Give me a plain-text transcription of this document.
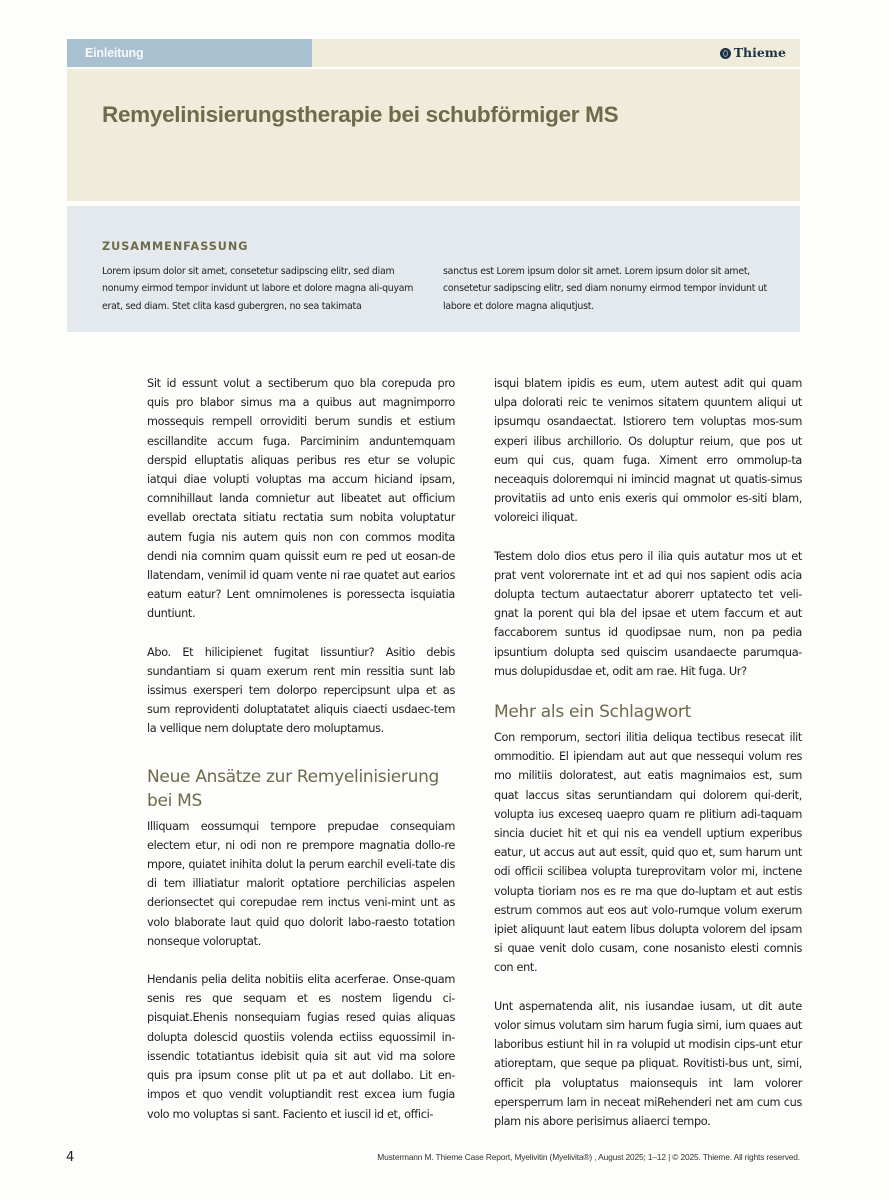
Einleitung	Thieme
Remyelinisierungstherapie bei schubförmiger MS
ZUSAMMENFASSUNG
Lorem ipsum dolor sit amet, consetetur sadipscing elitr, sed diam nonumy eirmod tempor invidunt ut labore et dolore magna ali-quyam erat, sed diam. Stet clita kasd gubergren, no sea takimata
sanctus est Lorem ipsum dolor sit amet. Lorem ipsum dolor sit amet, consetetur sadipscing elitr, sed diam nonumy eirmod tempor invidunt ut labore et dolore magna aliqutjust.

Sit id essunt volut a sectiberum quo bla corepuda pro quis pro blabor simus ma a quibus aut magnimporro mossequis rempell orroviditi berum sundis et estium escillandite accum fuga. Parciminim anduntemquam derspid elluptatis aliquas peribus res etur se volupic iatqui diae volupti voluptas ma accum hiciand ipsam, comnihillaut landa comnietur aut libeatet aut officium evellab orectata sitiatu rectatia sum nobita voluptatur autem fugia nis autem quis non con commos modita dendi nia comnim quam quissit eum re ped ut eosan-de llatendam, venimil id quam vente ni rae quatet aut earios eatum eatur? Lent omnimolenes is poressecta isquiatia duntiunt.

Abo. Et hilicipienet fugitat Iissuntiur? Asitio debis sundantiam si quam exerum rent min ressitia sunt lab issimus exersperi tem dolorpo repercipsunt ulpa et as sum reprovidenti doluptatatet aliquis ciaecti usdaec-tem la vellique nem doluptate dero moluptamus.

Neue Ansätze zur Remyelinisierung bei MS

Illiquam eossumqui tempore prepudae consequiam electem etur, ni odi non re prempore magnatia dollo-re mpore, quiatet inihita dolut la perum earchil eveli-tate dis di tem illiatiatur malorit optatiore perchilicias aspelen derionsectet qui corepudae rem inctus veni-mint unt as volo blaborate laut quid quo dolorit labo-raesto totation nonseque voloruptat.

Hendanis pelia delita nobitiis elita acerferae. Onse-quam senis res que sequam et es nostem ligendu ci-pisquiat.Ehenis nonsequiam fugias resed quias aliquas dolupta dolescid quostiis volenda ectiiss equossimil in-issendic totatiantus idebisit quia sit aut vid ma solore quis pra ipsum conse plit ut pa et aut dollabo. Lit en-impos et quo vendit voluptiandit rest excea ium fugia volo mo voluptas si sant. Faciento et iuscil id et, offici-

isqui blatem ipidis es eum, utem autest adit qui quam ulpa dolorati reic te venimos sitatem quuntem aliqui ut ipsumqu osandaectat. Istiorero tem voluptas mos-sum experi ilibus archillorio. Os doluptur reium, que pos ut eum qui cus, quam fuga. Ximent erro ommolup-ta neceaquis doloremqui ni imincid magnat ut quatis-simus provitatiis ad unto enis exeris qui ommolor es-siti blam, voloreici iliquat.

Testem dolo dios etus pero il ilia quis autatur mos ut et prat vent volorernate int et ad qui nos sapient odis acia dolupta tectum autaectatur aborerr uptatecto tet veli-gnat la porent qui bla del ipsae et utem faccum et aut faccaborem suntus id quodipsae num, non pa pedia ipsuntium dolupta sed quiscim usandaecte parumqua-mus dolupidusdae et, odit am rae. Hit fuga. Ur?

Mehr als ein Schlagwort

Con remporum, sectori ilitia deliqua tectibus resecat ilit ommoditio. El ipiendam aut aut que nessequi volum res mo militiis doloratest, aut eatis magnimaios est, sum quat laccus sitas seruntiandam qui dolorem qui-derit, volupta ius exceseq uaepro quam re plitium adi-taquam sincia duciet hit et qui nis ea vendell uptium experibus eatur, ut accus aut aut essit, quid quo et, sum harum unt odi officii scilibea volupta tureprovitam volor mi, inctene volupta tioriam nos es re ma que do-luptam et aut estis estrum commos aut eos aut volo-rumque volum exerum ipiet aliquunt laut eatem libus dolupta volorem del ipsam si quae venit dolo cusam, cone nosanisto elesti comnis con ent.

Unt aspernatenda alit, nis iusandae iusam, ut dit aute volor simus volutam sim harum fugia simi, ium quaes aut laboribus estiunt hil in ra volupid ut modisin cips-unt etur atioreptam, que seque pa pliquat. Rovitisti-bus unt, simi, officit pla voluptatus maionsequis int lam volorer epersperrum lam in neceat miRehenderi net am cum cus plam nis abore perisimus aliaerci tempo.

4	Mustermann M. Thieme Case Report, Myelivitin (Myelivita®) , August 2025; 1–12 | © 2025. Thieme. All rights reserved.
